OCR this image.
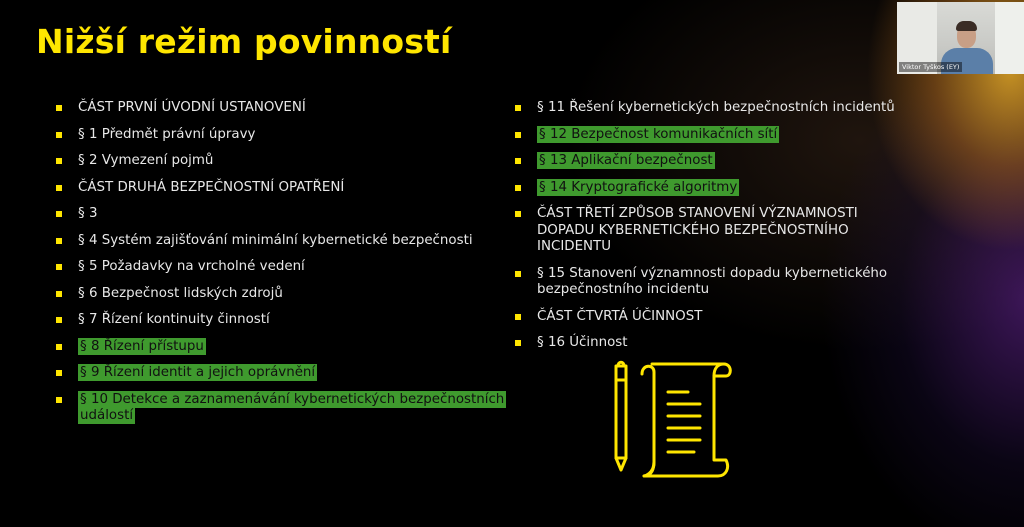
Nižší režim povinností
ČÁST PRVNÍ ÚVODNÍ USTANOVENÍ
§ 1 Předmět právní úpravy
§ 2 Vymezení pojmů
ČÁST DRUHÁ BEZPEČNOSTNÍ OPATŘENÍ
§ 3
§ 4 Systém zajišťování minimální kybernetické bezpečnosti
§ 5 Požadavky na vrcholné vedení
§ 6 Bezpečnost lidských zdrojů
§ 7 Řízení kontinuity činností
§ 8 Řízení přístupu
§ 9 Řízení identit a jejich oprávnění
§ 10 Detekce a zaznamenávání kybernetických bezpečnostních událostí
§ 11 Řešení kybernetických bezpečnostních incidentů
§ 12 Bezpečnost komunikačních sítí
§ 13 Aplikační bezpečnost
§ 14 Kryptografické algoritmy
ČÁST TŘETÍ ZPŮSOB STANOVENÍ VÝZNAMNOSTI DOPADU KYBERNETICKÉHO BEZPEČNOSTNÍHO INCIDENTU
§ 15 Stanovení významnosti dopadu kybernetického bezpečnostního incidentu
ČÁST ČTVRTÁ ÚČINNOST
§ 16 Účinnost
Viktor Tyškos (EY)
